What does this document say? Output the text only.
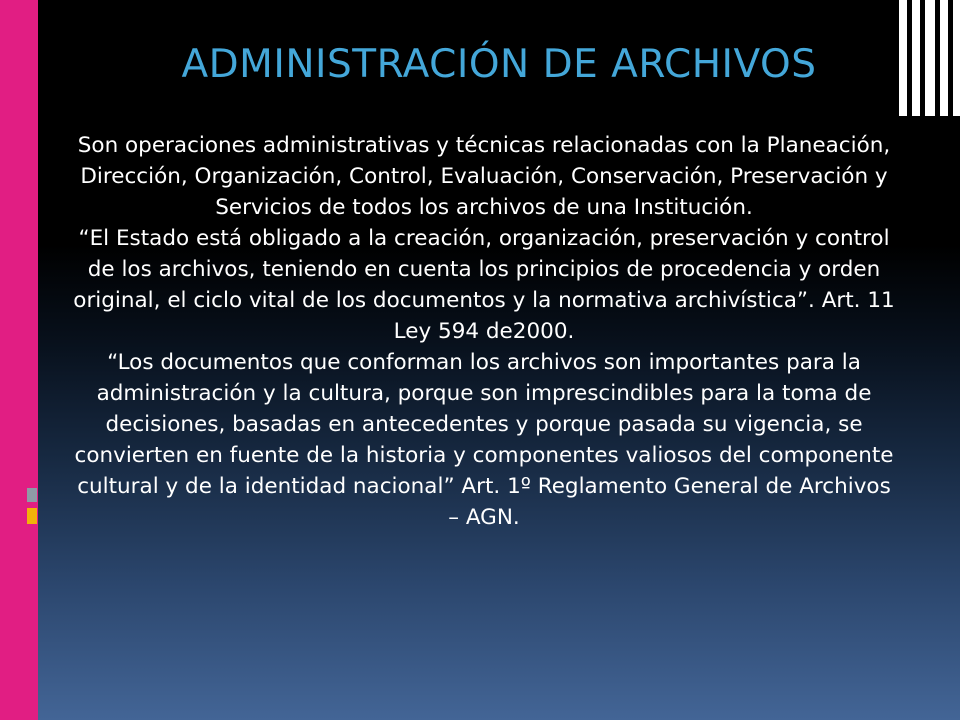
ADMINISTRACIÓN DE ARCHIVOS

Son operaciones administrativas y técnicas relacionadas con la Planeación, Dirección, Organización, Control, Evaluación, Conservación, Preservación y Servicios de todos los archivos de una Institución.

“El Estado está obligado a la creación, organización, preservación y control de los archivos, teniendo en cuenta los principios de procedencia y orden original, el ciclo vital de los documentos y la normativa archivística”. Art. 11 Ley 594 de2000.

“Los documentos que conforman los archivos son importantes para la administración y la cultura, porque son imprescindibles para la toma de decisiones, basadas en antecedentes y porque pasada su vigencia, se convierten en fuente de la historia y componentes valiosos del componente cultural y de la identidad nacional” Art. 1º Reglamento General de Archivos – AGN.
